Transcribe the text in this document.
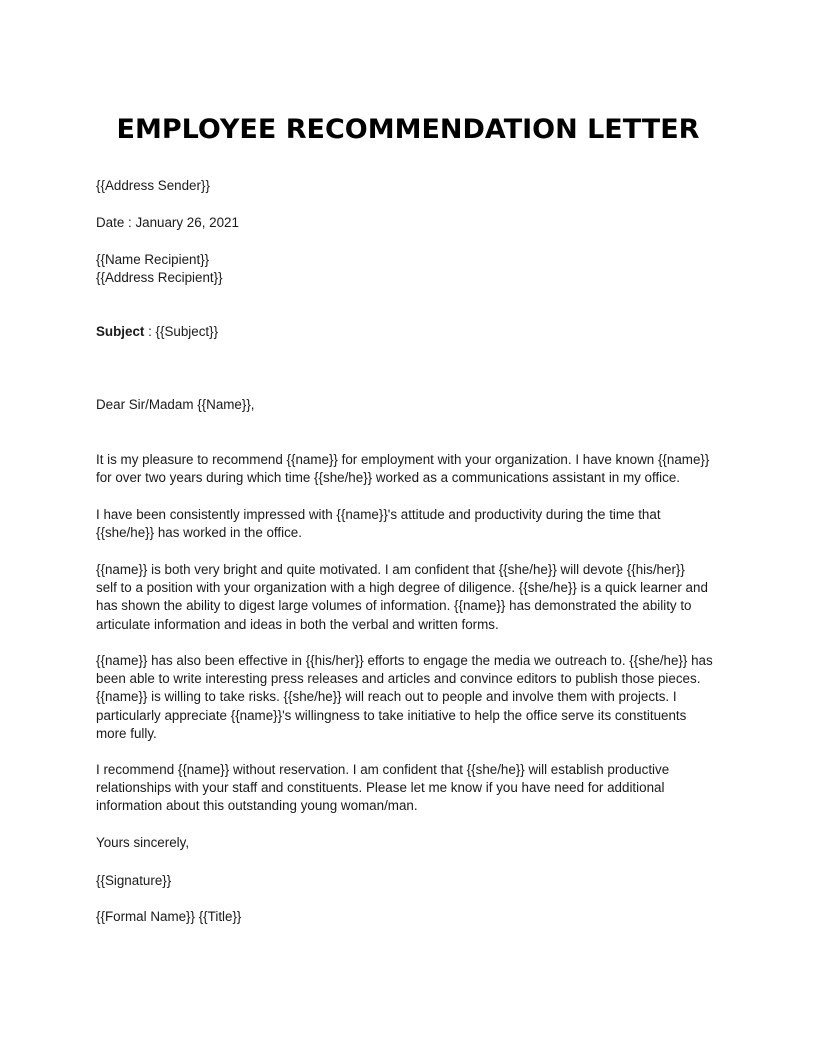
EMPLOYEE RECOMMENDATION LETTER
{{Address Sender}}
Date : January 26, 2021
{{Name Recipient}}
{{Address Recipient}}
Subject : {{Subject}}
Dear Sir/Madam {{Name}},
It is my pleasure to recommend {{name}} for employment with your organization. I have known {{name}}
for over two years during which time {{she/he}} worked as a communications assistant in my office.
I have been consistently impressed with {{name}}'s attitude and productivity during the time that
{{she/he}} has worked in the office.
{{name}} is both very bright and quite motivated. I am confident that {{she/he}} will devote {{his/her}}
self to a position with your organization with a high degree of diligence. {{she/he}} is a quick learner and
has shown the ability to digest large volumes of information. {{name}} has demonstrated the ability to
articulate information and ideas in both the verbal and written forms.
{{name}} has also been effective in {{his/her}} efforts to engage the media we outreach to. {{she/he}} has
been able to write interesting press releases and articles and convince editors to publish those pieces.
{{name}} is willing to take risks. {{she/he}} will reach out to people and involve them with projects. I
particularly appreciate {{name}}'s willingness to take initiative to help the office serve its constituents
more fully.
I recommend {{name}} without reservation. I am confident that {{she/he}} will establish productive
relationships with your staff and constituents. Please let me know if you have need for additional
information about this outstanding young woman/man.
Yours sincerely,
{{Signature}}
{{Formal Name}} {{Title}}
